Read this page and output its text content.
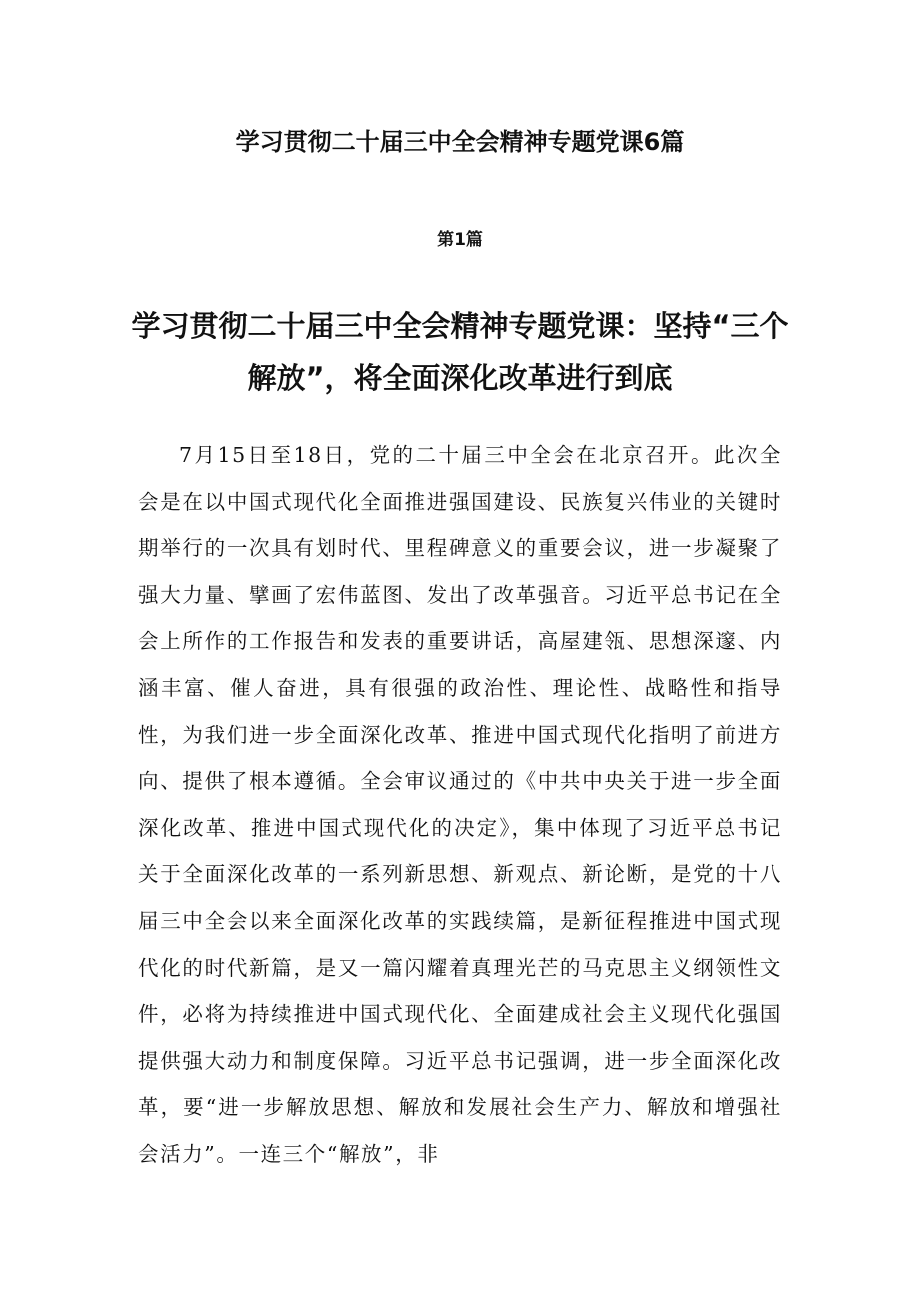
学习贯彻二十届三中全会精神专题党课6篇
第1篇
学习贯彻二十届三中全会精神专题党课：坚持“三个解放”，将全面深化改革进行到底

7月15日至18日，党的二十届三中全会在北京召开。此次全会是在以中国式现代化全面推进强国建设、民族复兴伟业的关键时期举行的一次具有划时代、里程碑意义的重要会议，进一步凝聚了强大力量、擘画了宏伟蓝图、发出了改革强音。习近平总书记在全会上所作的工作报告和发表的重要讲话，高屋建瓴、思想深邃、内涵丰富、催人奋进，具有很强的政治性、理论性、战略性和指导性，为我们进一步全面深化改革、推进中国式现代化指明了前进方向、提供了根本遵循。全会审议通过的《中共中央关于进一步全面深化改革、推进中国式现代化的决定》，集中体现了习近平总书记关于全面深化改革的一系列新思想、新观点、新论断，是党的十八届三中全会以来全面深化改革的实践续篇，是新征程推进中国式现代化的时代新篇，是又一篇闪耀着真理光芒的马克思主义纲领性文件，必将为持续推进中国式现代化、全面建成社会主义现代化强国提供强大动力和制度保障。习近平总书记强调，进一步全面深化改革，要“进一步解放思想、解放和发展社会生产力、解放和增强社会活力”。一连三个“解放”，非
